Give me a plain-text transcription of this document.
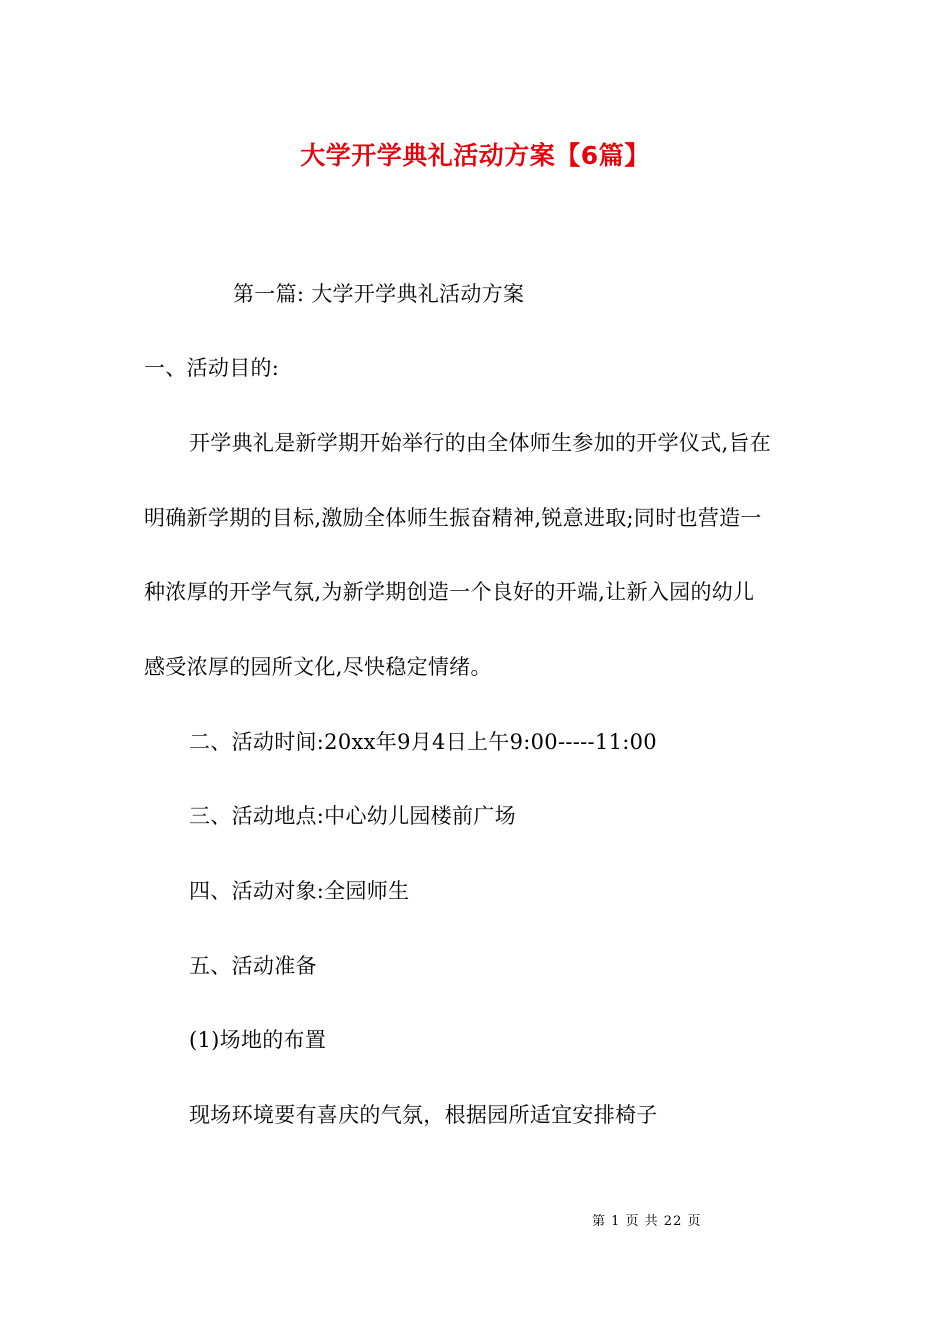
大学开学典礼活动方案【6篇】
第一篇: 大学开学典礼活动方案
一、活动目的:
开学典礼是新学期开始举行的由全体师生参加的开学仪式,旨在
明确新学期的目标,激励全体师生振奋精神,锐意进取;同时也营造一
种浓厚的开学气氛,为新学期创造一个良好的开端,让新入园的幼儿
感受浓厚的园所文化,尽快稳定情绪。
二、活动时间:20xx年9月4日上午9:00-----11:00
三、活动地点:中心幼儿园楼前广场
四、活动对象:全园师生
五、活动准备
(1)场地的布置
现场环境要有喜庆的气氛，根据园所适宜安排椅子
第 1 页 共 22 页
